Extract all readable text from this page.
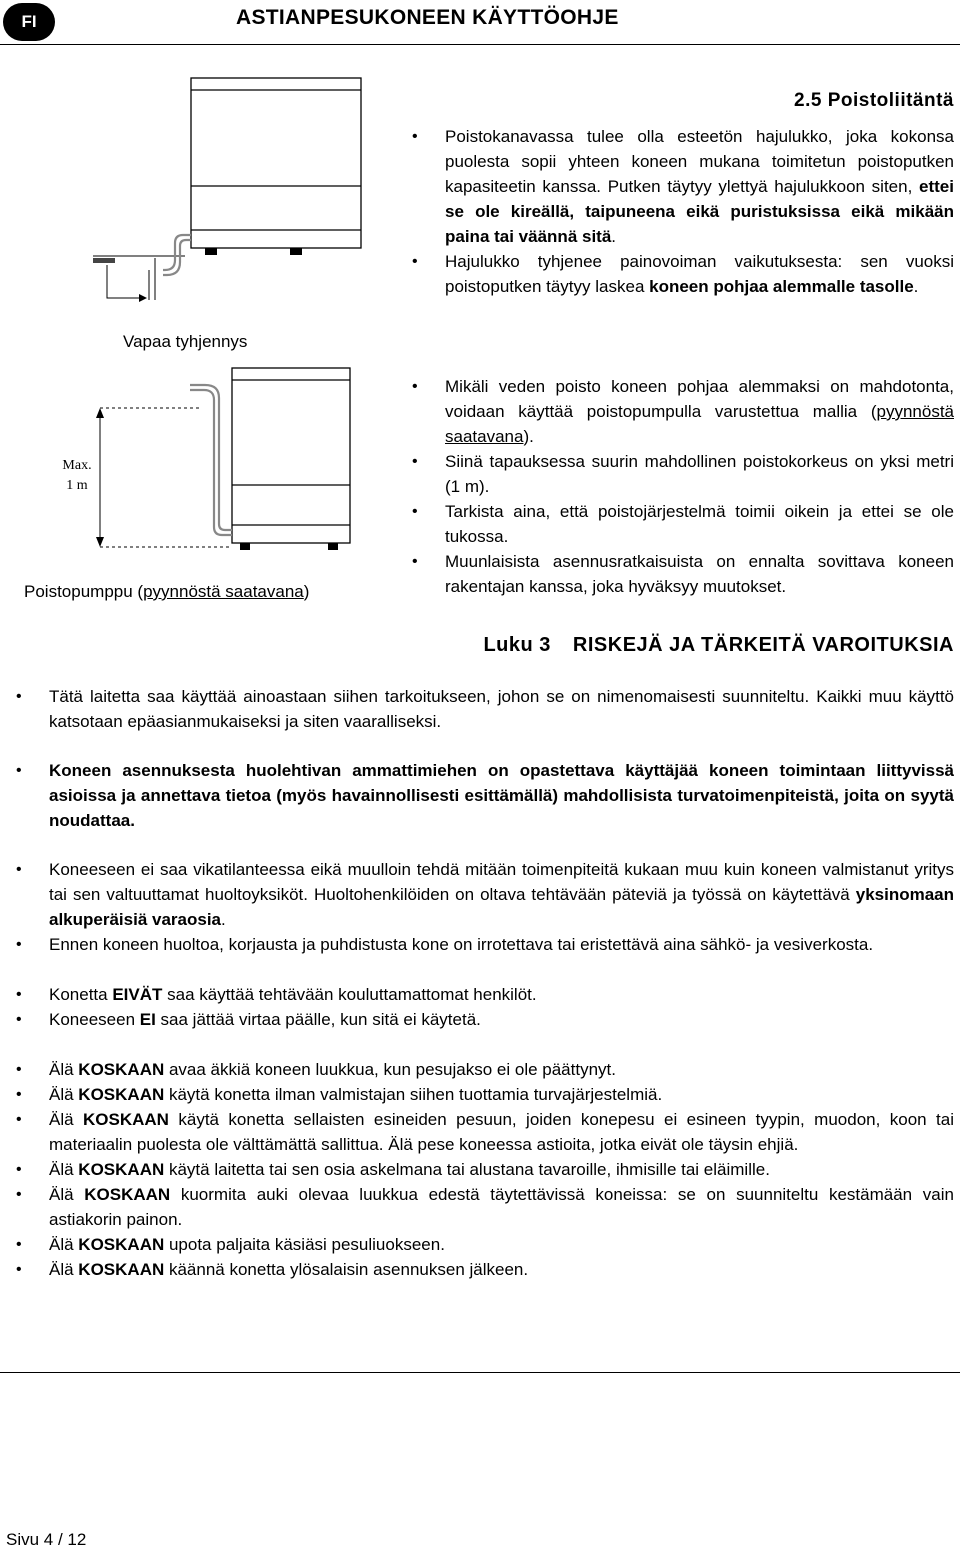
FI	ASTIANPESUKONEEN KÄYTTÖOHJE
2.5 Poistoliitäntä
Vapaa tyhjennys
Max.
1 m
Poistopumppu (pyynnöstä saatavana)
• Poistokanavassa tulee olla esteetön hajulukko, joka kokonsa puolesta sopii yhteen koneen mukana toimitetun poistoputken kapasiteetin kanssa. Putken täytyy ylettyä hajulukkoon siten, ettei se ole kireällä, taipuneena eikä puristuksissa eikä mikään paina tai väännä sitä.
• Hajulukko tyhjenee painovoiman vaikutuksesta: sen vuoksi poistoputken täytyy laskea koneen pohjaa alemmalle tasolle.
• Mikäli veden poisto koneen pohjaa alemmaksi on mahdotonta, voidaan käyttää poistopumpulla varustettua mallia (pyynnöstä saatavana).
• Siinä tapauksessa suurin mahdollinen poistokorkeus on yksi metri (1 m).
• Tarkista aina, että poistojärjestelmä toimii oikein ja ettei se ole tukossa.
• Muunlaisista asennusratkaisuista on ennalta sovittava koneen rakentajan kanssa, joka hyväksyy muutokset.
Luku 3 RISKEJÄ JA TÄRKEITÄ VAROITUKSIA
• Tätä laitetta saa käyttää ainoastaan siihen tarkoitukseen, johon se on nimenomaisesti suunniteltu. Kaikki muu käyttö katsotaan epäasianmukaiseksi ja siten vaaralliseksi.
• Koneen asennuksesta huolehtivan ammattimiehen on opastettava käyttäjää koneen toimintaan liittyvissä asioissa ja annettava tietoa (myös havainnollisesti esittämällä) mahdollisista turvatoimenpiteistä, joita on syytä noudattaa.
• Koneeseen ei saa vikatilanteessa eikä muulloin tehdä mitään toimenpiteitä kukaan muu kuin koneen valmistanut yritys tai sen valtuuttamat huoltoyksiköt. Huoltohenkilöiden on oltava tehtävään päteviä ja työssä on käytettävä yksinomaan alkuperäisiä varaosia.
• Ennen koneen huoltoa, korjausta ja puhdistusta kone on irrotettava tai eristettävä aina sähkö- ja vesiverkosta.
• Konetta EIVÄT saa käyttää tehtävään kouluttamattomat henkilöt.
• Koneeseen EI saa jättää virtaa päälle, kun sitä ei käytetä.
• Älä KOSKAAN avaa äkkiä koneen luukkua, kun pesujakso ei ole päättynyt.
• Älä KOSKAAN käytä konetta ilman valmistajan siihen tuottamia turvajärjestelmiä.
• Älä KOSKAAN käytä konetta sellaisten esineiden pesuun, joiden konepesu ei esineen tyypin, muodon, koon tai materiaalin puolesta ole välttämättä sallittua. Älä pese koneessa astioita, jotka eivät ole täysin ehjiä.
• Älä KOSKAAN käytä laitetta tai sen osia askelmana tai alustana tavaroille, ihmisille tai eläimille.
• Älä KOSKAAN kuormita auki olevaa luukkua edestä täytettävissä koneissa: se on suunniteltu kestämään vain astiakorin painon.
• Älä KOSKAAN upota paljaita käsiäsi pesuliuokseen.
• Älä KOSKAAN käännä konetta ylösalaisin asennuksen jälkeen.
Sivu 4 / 12
